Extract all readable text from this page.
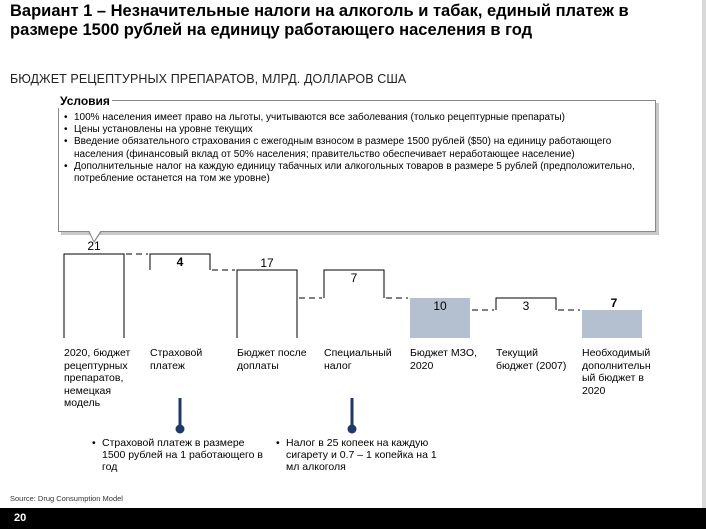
Вариант 1 – Незначительные налоги на алкоголь и табак, единый платеж в размере 1500 рублей на единицу работающего населения в год
БЮДЖЕТ РЕЦЕПТУРНЫХ ПРЕПАРАТОВ, МЛРД. ДОЛЛАРОВ США
21
4	17
7
10	3	7
Условия
• 100% населения имеет право на льготы, учитываются все заболевания (только рецептурные препараты)
• Цены установлены на уровне текущих
• Введение обязательного страхования с ежегодным взносом в размере 1500 рублей ($50) на единицу работающего населения (финансовый вклад от 50% населения; правительство обеспечивает неработающее население)
• Дополнительные налог на каждую единицу табачных или алкогольных товаров в размере 5 рублей (предположительно, потребление останется на том же уровне)
2020, бюджет
рецептурных
препаратов,
немецкая
модель
Страховой
платеж
Бюджет после
доплаты
Специальный
налог
Бюджет МЗО,
2020
Текущий
бюджет (2007)
Необходимый
дополнительн
ый бюджет в
2020
• Страховой платеж в размере 1500 рублей на 1 работающего в год
• Налог в 25 копеек на каждую сигарету и 0.7 – 1 копейка на 1 мл алкоголя
Source: Drug Consumption Model
20
